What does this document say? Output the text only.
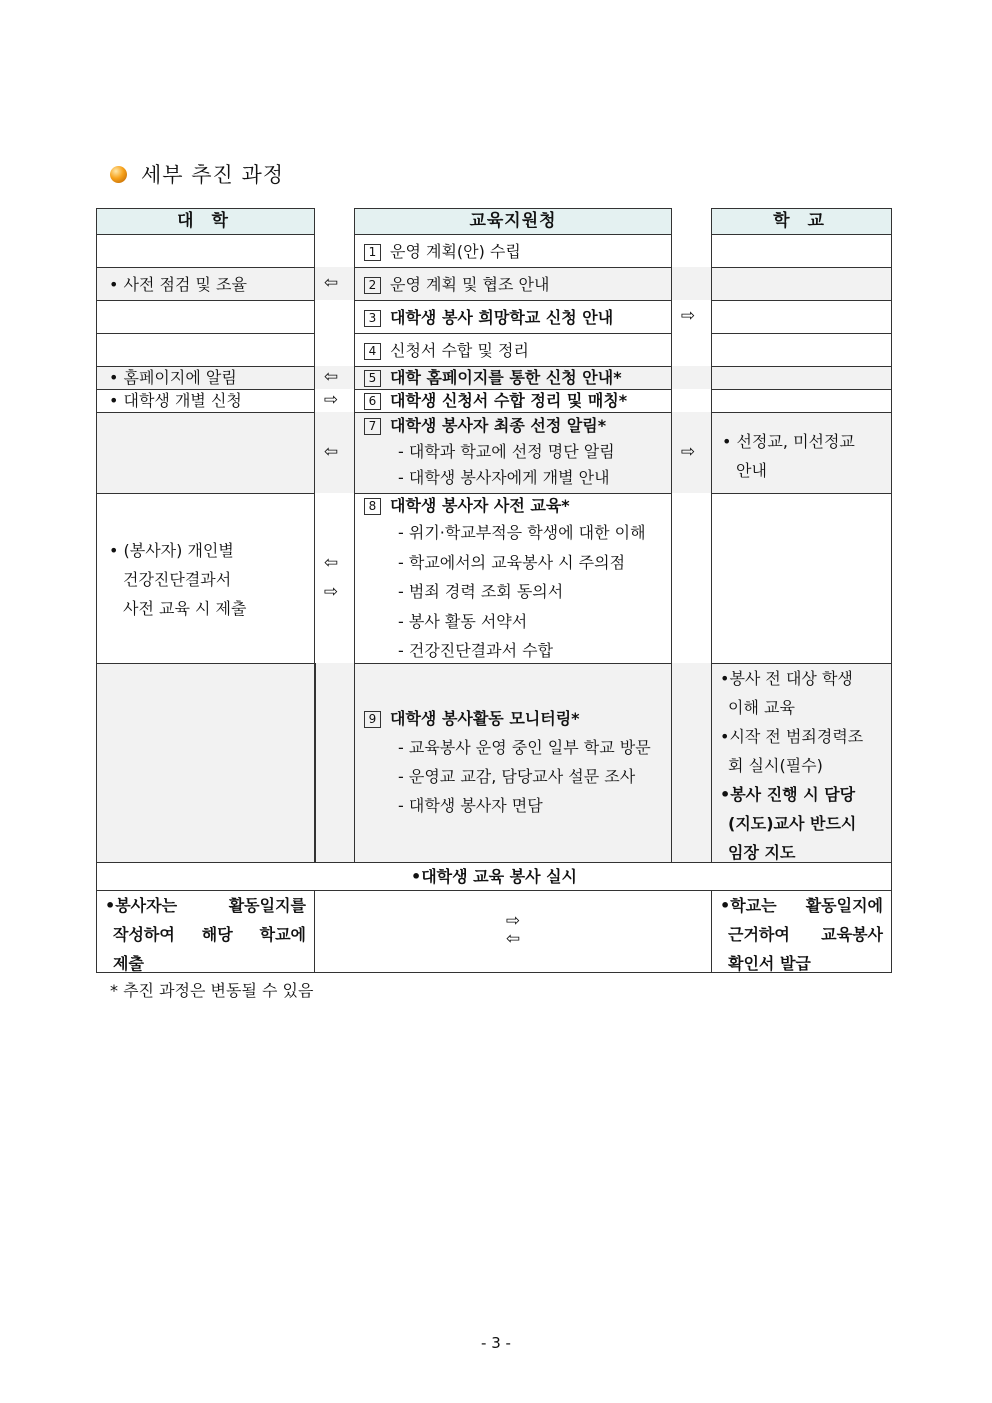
세부 추진 과정
대 학
• 사전 점검 및 조율
• 홈페이지에 알림
• 대학생 개별 신청
• (봉사자) 개인별
건강진단결과서
사전 교육 시 제출
교육지원청
1 운영 계획(안) 수립
2 운영 계획 및 협조 안내
3 대학생 봉사 희망학교 신청 안내
4 신청서 수합 및 정리
5 대학 홈페이지를 통한 신청 안내*
6 대학생 신청서 수합 정리 및 매칭*
7 대학생 봉사자 최종 선정 알림*
- 대학과 학교에 선정 명단 알림
- 대학생 봉사자에게 개별 안내
8 대학생 봉사자 사전 교육*
- 위기·학교부적응 학생에 대한 이해
- 학교에서의 교육봉사 시 주의점
- 범죄 경력 조회 동의서
- 봉사 활동 서약서
- 건강진단결과서 수합
9 대학생 봉사활동 모니터링*
- 교육봉사 운영 중인 일부 학교 방문
- 운영교 교감, 담당교사 설문 조사
- 대학생 봉사자 면담
학 교
• 선정교, 미선정교
안내
•봉사 전 대상 학생
이해 교육
•시작 전 범죄경력조
회 실시(필수)
•봉사 진행 시 담당
(지도)교사 반드시
임장 지도
⇦
⇨
⇦
⇨
⇦	⇨
⇦
⇨
•대학생 교육 봉사 실시
•봉사자는 활동일지를
작성하여 해당 학교에
제출
⇨
⇦
•학교는 활동일지에
근거하여 교육봉사
확인서 발급
* 추진 과정은 변동될 수 있음
- 3 -
